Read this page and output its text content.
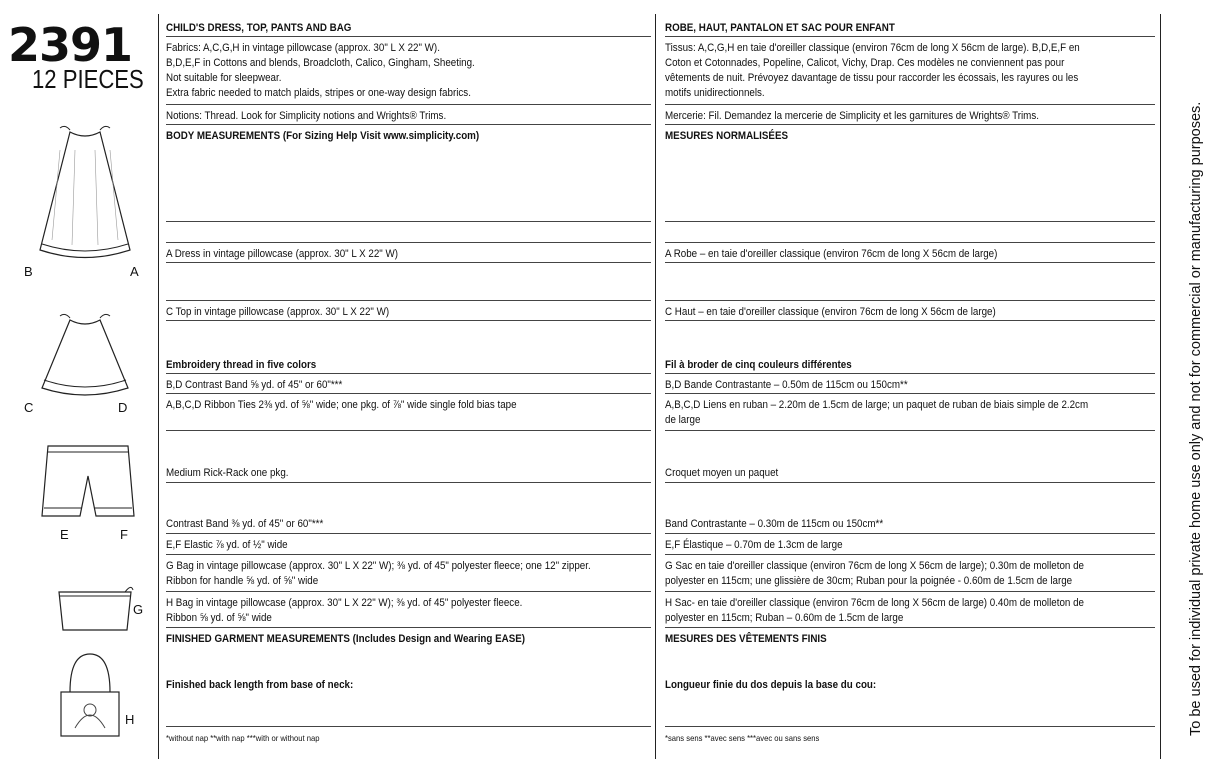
2391
12 PIECES
B	A
C	D
E	F
G
H
CHILD'S DRESS, TOP, PANTS AND BAG
Fabrics: A,C,G,H in vintage pillowcase (approx. 30" L X 22" W).
B,D,E,F in Cottons and blends, Broadcloth, Calico, Gingham, Sheeting.
Not suitable for sleepwear.
Extra fabric needed to match plaids, stripes or one-way design fabrics.
Notions: Thread. Look for Simplicity notions and Wrights® Trims.
BODY MEASUREMENTS (For Sizing Help Visit www.simplicity.com)
A Dress in vintage pillowcase (approx. 30" L X 22" W)
C Top in vintage pillowcase (approx. 30" L X 22" W)
Embroidery thread in five colors
B,D Contrast Band ⅝ yd. of 45" or 60"***
A,B,C,D Ribbon Ties 2⅜ yd. of ⅝" wide; one pkg. of ⅞" wide single fold bias tape
Medium Rick-Rack one pkg.
Contrast Band ⅜ yd. of 45" or 60"***
E,F Elastic ⅞ yd. of ½" wide
G Bag in vintage pillowcase (approx. 30" L X 22" W); ⅜ yd. of 45" polyester fleece; one 12" zipper.
Ribbon for handle ⅝ yd. of ⅝" wide
H Bag in vintage pillowcase (approx. 30" L X 22" W); ⅜ yd. of 45" polyester fleece.
Ribbon ⅝ yd. of ⅝" wide
FINISHED GARMENT MEASUREMENTS (Includes Design and Wearing EASE)
Finished back length from base of neck:
*without nap **with nap ***with or without nap
ROBE, HAUT, PANTALON ET SAC POUR ENFANT
Tissus: A,C,G,H en taie d'oreiller classique (environ 76cm de long X 56cm de large). B,D,E,F en
Coton et Cotonnades, Popeline, Calicot, Vichy, Drap. Ces modèles ne conviennent pas pour
vêtements de nuit. Prévoyez davantage de tissu pour raccorder les écossais, les rayures ou les
motifs unidirectionnels.
Mercerie: Fil. Demandez la mercerie de Simplicity et les garnitures de Wrights® Trims.
MESURES NORMALISÉES
A Robe – en taie d'oreiller classique (environ 76cm de long X 56cm de large)
C Haut – en taie d'oreiller classique (environ 76cm de long X 56cm de large)
Fil à broder de cinq couleurs différentes
B,D Bande Contrastante – 0.50m de 115cm ou 150cm**
A,B,C,D Liens en ruban – 2.20m de 1.5cm de large; un paquet de ruban de biais simple de 2.2cm
de large
Croquet moyen un paquet
Band Contrastante – 0.30m de 115cm ou 150cm**
E,F Élastique – 0.70m de 1.3cm de large
G Sac en taie d'oreiller classique (environ 76cm de long X 56cm de large); 0.30m de molleton de
polyester en 115cm; une glissière de 30cm; Ruban pour la poignée - 0.60m de 1.5cm de large
H Sac- en taie d'oreiller classique (environ 76cm de long X 56cm de large) 0.40m de molleton de
polyester en 115cm; Ruban – 0.60m de 1.5cm de large
MESURES DES VÊTEMENTS FINIS
Longueur finie du dos depuis la base du cou:
*sans sens **avec sens ***avec ou sans sens
To be used for individual private home use only and not for commercial or manufacturing purposes.
